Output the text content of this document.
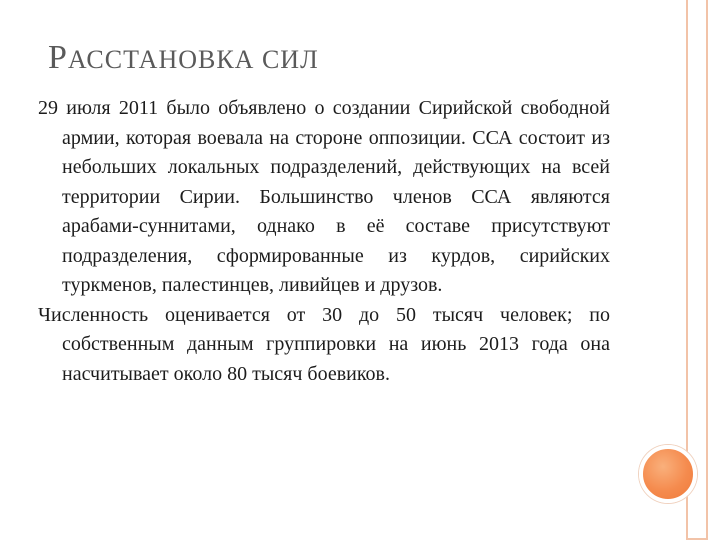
РАССТАНОВКА СИЛ

29 июля 2011 было объявлено о создании Сирийской свободной армии, которая воевала на стороне оппозиции. ССА состоит из небольших локальных подразделений, действующих на всей территории Сирии. Большинство членов ССА являются арабами-суннитами, однако в её составе присутствуют подразделения, сформированные из курдов, сирийских туркменов, палестинцев, ливийцев и друзов.

Численность оценивается от 30 до 50 тысяч человек; по собственным данным группировки на июнь 2013 года она насчитывает около 80 тысяч боевиков.
